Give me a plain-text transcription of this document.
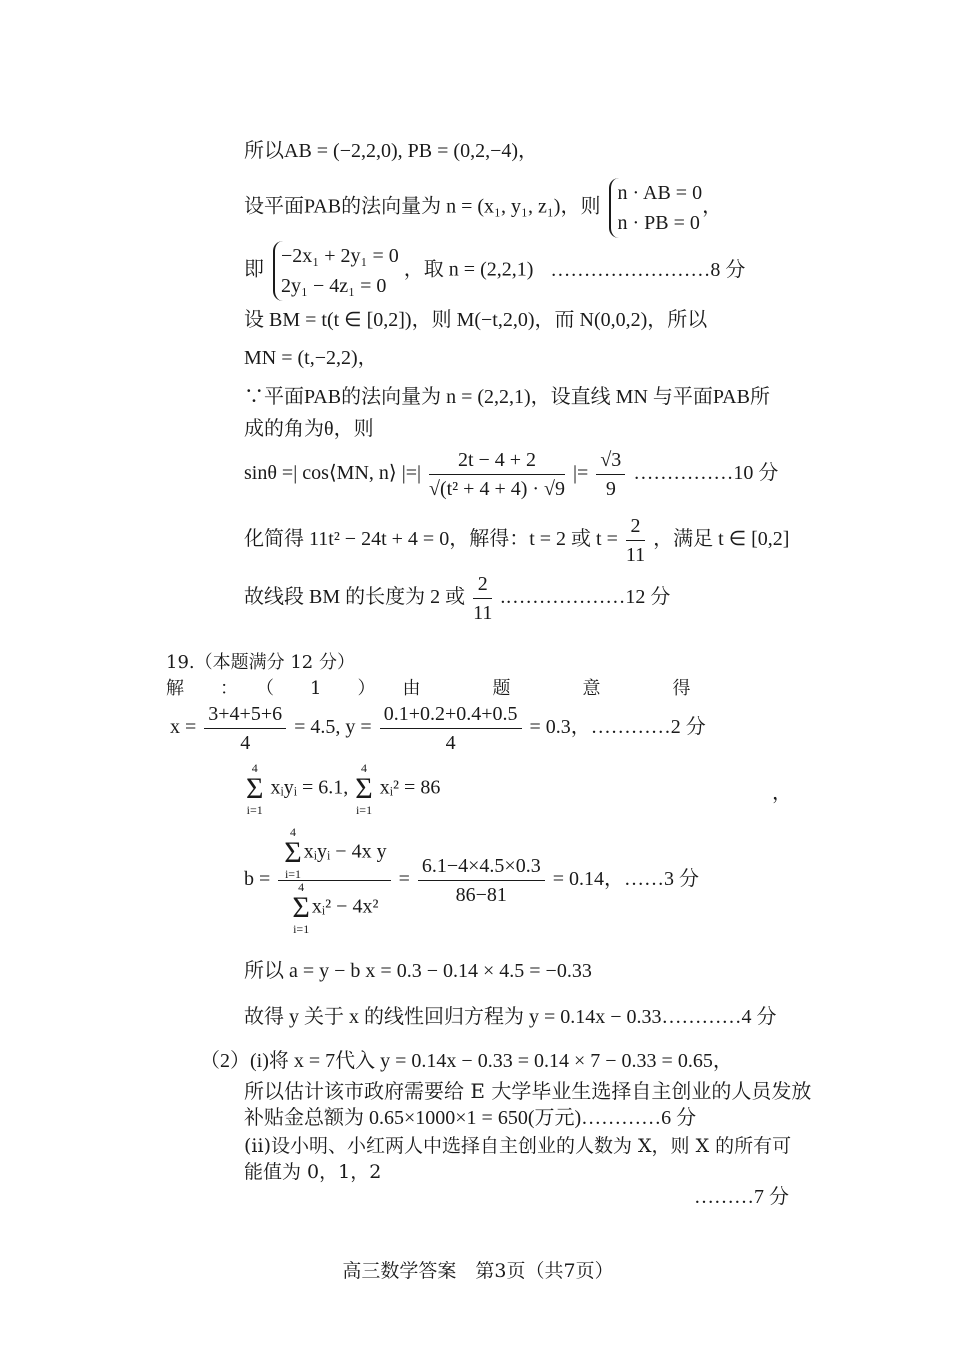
所以AB = (−2,2,0), PB = (0,2,−4)，
设平面PAB的法向量为 n = (x₁, y₁, z₁)，则
n · AB = 0
n · PB = 0
，
即
−2x₁ + 2y₁ = 0
2y₁ − 4z₁ = 0
，取 n = (2,2,1) ……………………8 分
设 BM = t(t ∈ [0,2])，则 M(−t,2,0)，而 N(0,0,2)，所以
MN = (t,−2,2)，
∵平面PAB的法向量为 n = (2,2,1)，设直线 MN 与平面PAB所
成的角为θ，则
sinθ =| cos⟨MN, n⟩ |=| $\frac{2t - 4 + 2}{\text{√(t² + 4 + 4) · √9}}$ |= $\frac{√3}{9}$ ……………10 分
化简得 11t² − 24t + 4 = 0，解得：t = 2 或 $t = \frac{2}{11}$ ，满足 t ∈ [0,2]
故线段 BM 的长度为 2 或 $\frac{2}{11}$ .………………12 分
19.（本题满分 12 分）
解　　：　　（　　1　　）　　由　　　　题　　　　意　　　　得
$x = \frac{3+4+5+6}{4} = 4.5$, $y = \frac{0.1+0.2+0.4+0.5}{4} = 0.3$，…………2 分
4
Σ
i=1 xᵢyᵢ = 6.1, 4
Σ
i=1 xᵢ² = 86	，
b = 4
Σ
i=1xᵢyᵢ − 4x y
4
Σ
i=1xᵢ² − $4x^2 = \frac{6.1-4\times 4.5\times 0.3}{86-81} = 0.14$，……3 分
所以 a = y − b x = 0.3 − 0.14 × 4.5 = −0.33
故得 y 关于 x 的线性回归方程为 y = 0.14x − 0.33…………4 分
（2）(i)将 x = 7代入 y = 0.14x − 0.33 = 0.14 × 7 − 0.33 = 0.65，
所以估计该市政府需要给 E 大学毕业生选择自主创业的人员发放
补贴金总额为 0.65×1000×1 = 650(万元)…………6 分
(ii)设小明、小红两人中选择自主创业的人数为 X，则 X 的所有可
能值为 0，1，2
………7 分
高三数学答案　第3页（共7页）
